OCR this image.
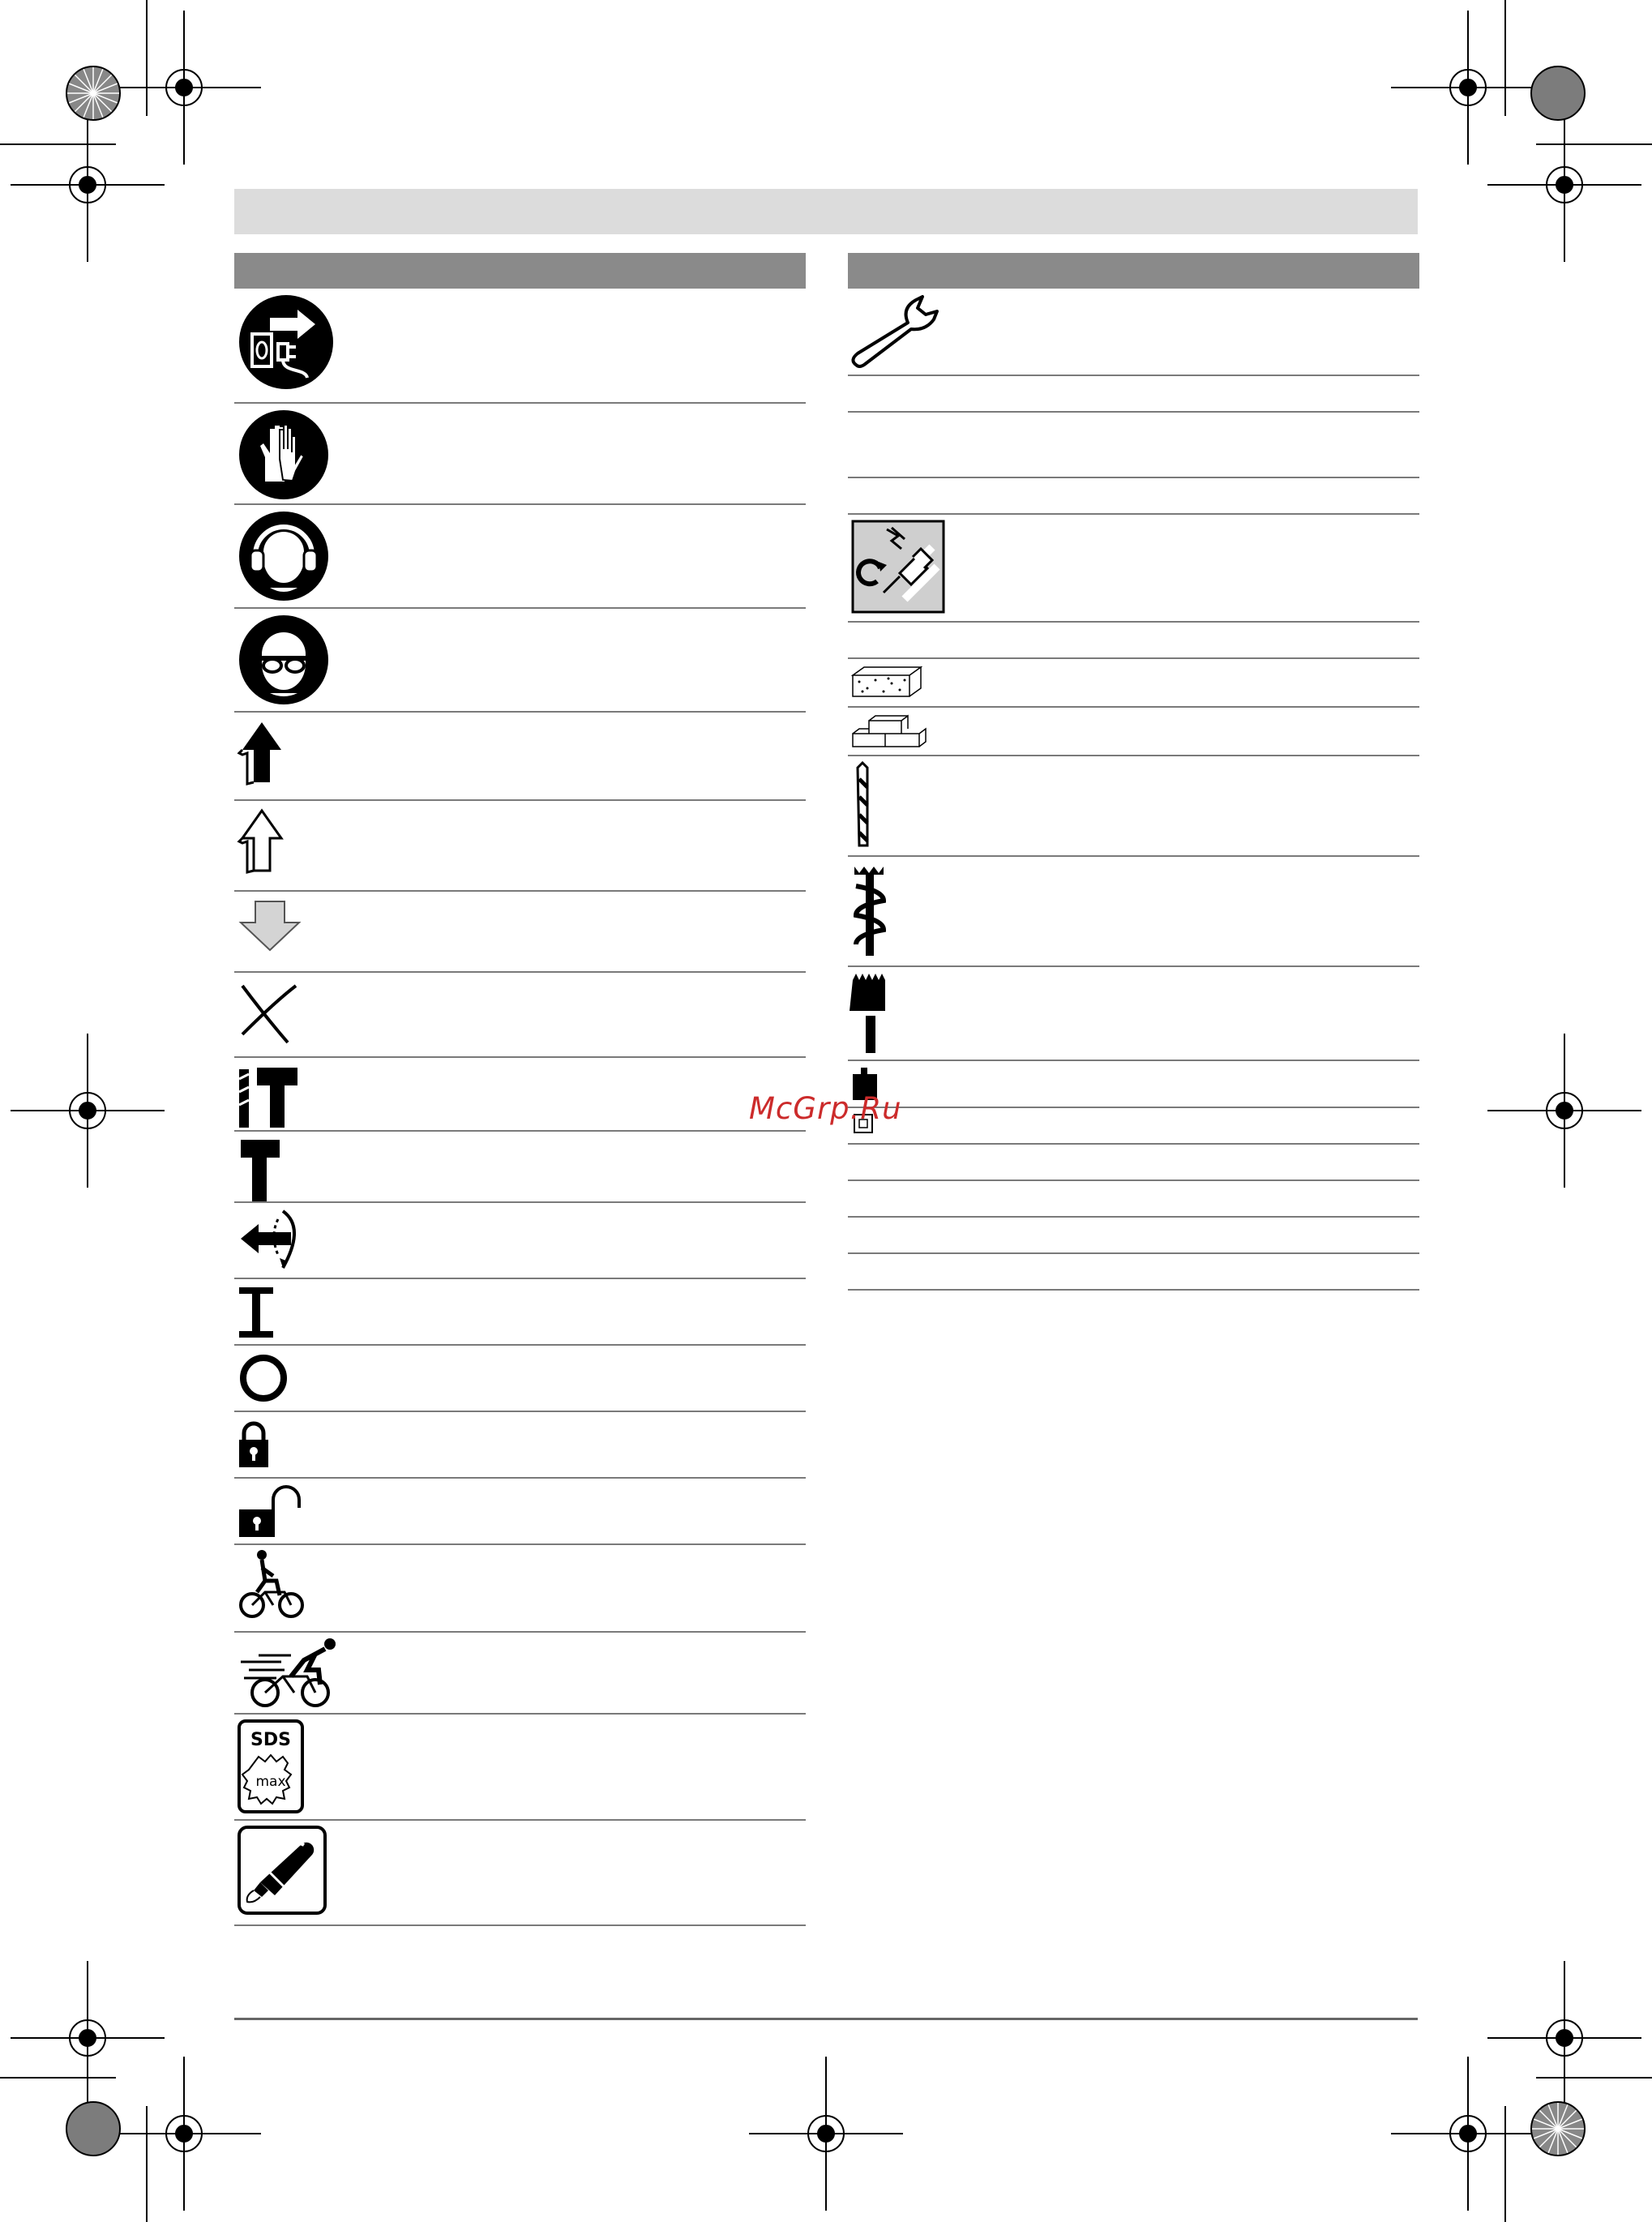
SDS
max
McGrp.Ru
